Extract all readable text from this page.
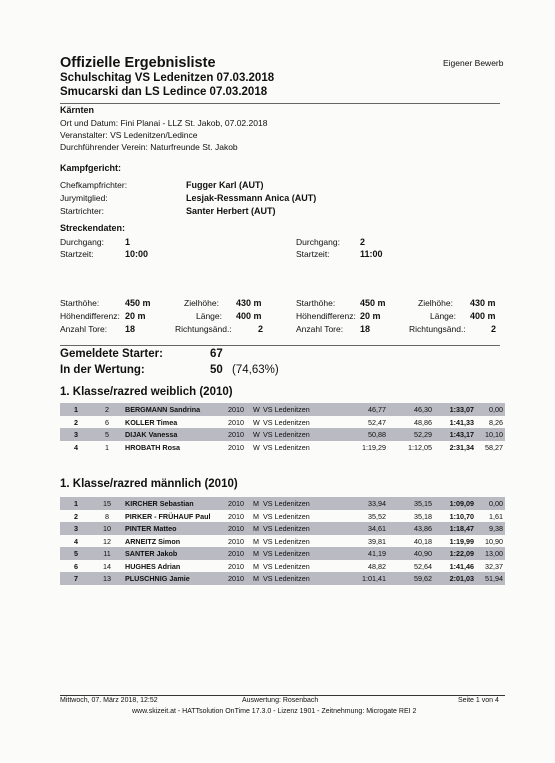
Eigener Bewerb
Offizielle Ergebnisliste
Schulschitag VS Ledenitzen 07.03.2018
Smucarski dan LS Ledince 07.03.2018
Kärnten
Ort und Datum: Fini Planai - LLZ St. Jakob, 07.02.2018
Veranstalter: VS Ledenitzen/Ledince
Durchführender Verein: Naturfreunde St. Jakob
Kampfgericht:
Chefkampfrichter:	Fugger Karl (AUT)
Jurymitglied:	Lesjak-Ressmann Anica (AUT)
Startrichter:	Santer Herbert (AUT)
Streckendaten:
Durchgang: 1
Startzeit:	10:00
Durchgang: 2
Startzeit:	11:00
Starthöhe:	450 m	Zielhöhe: 430 m
Höhendifferenz: 20 m	Länge: 400 m
Anzahl Tore: 18	Richtungsänd.:	2
Starthöhe:	450 m	Zielhöhe: 430 m
Höhendifferenz: 20 m	Länge: 400 m
Anzahl Tore: 18	Richtungsänd.:	2
Gemeldete Starter:	67
In der Wertung:	50 (74,63%)
1. Klasse/razred weiblich (2010)
1	2	BERGMANN Sandrina	2010 W VS Ledenitzen	46,77	46,30	1:33,07	0,00
2	6	KOLLER Timea	2010 W VS Ledenitzen	52,47	48,86	1:41,33	8,26
3	5	DIJAK Vanessa	2010 W VS Ledenitzen	50,88	52,29	1:43,17	10,10
4	1	HROBATH Rosa	2010 W VS Ledenitzen	1:19,29	1:12,05	2:31,34	58,27
1. Klasse/razred männlich (2010)
1	15	KIRCHER Sebastian	2010 M VS Ledenitzen	33,94	35,15	1:09,09	0,00
2	8	PIRKER - FRÜHAUF Paul 2010 M VS Ledenitzen	35,52	35,18	1:10,70	1,61
3	10	PINTER Matteo	2010 M VS Ledenitzen	34,61	43,86	1:18,47	9,38
4	12	ARNEITZ Simon	2010 M VS Ledenitzen	39,81	40,18	1:19,99	10,90
5	11	SANTER Jakob	2010 M VS Ledenitzen	41,19	40,90	1:22,09	13,00
6	14	HUGHES Adrian	2010 M VS Ledenitzen	48,82	52,64	1:41,46	32,37
7	13	PLUSCHNIG Jamie	2010 M VS Ledenitzen	1:01,41	59,62	2:01,03	51,94
Mittwoch, 07. März 2018, 12:52	Auswertung: Rosenbach	Seite 1 von 4
www.skizeit.at - HATTsolution OnTime 17.3.0 - Lizenz 1901 - Zeitnehmung: Microgate REI 2
